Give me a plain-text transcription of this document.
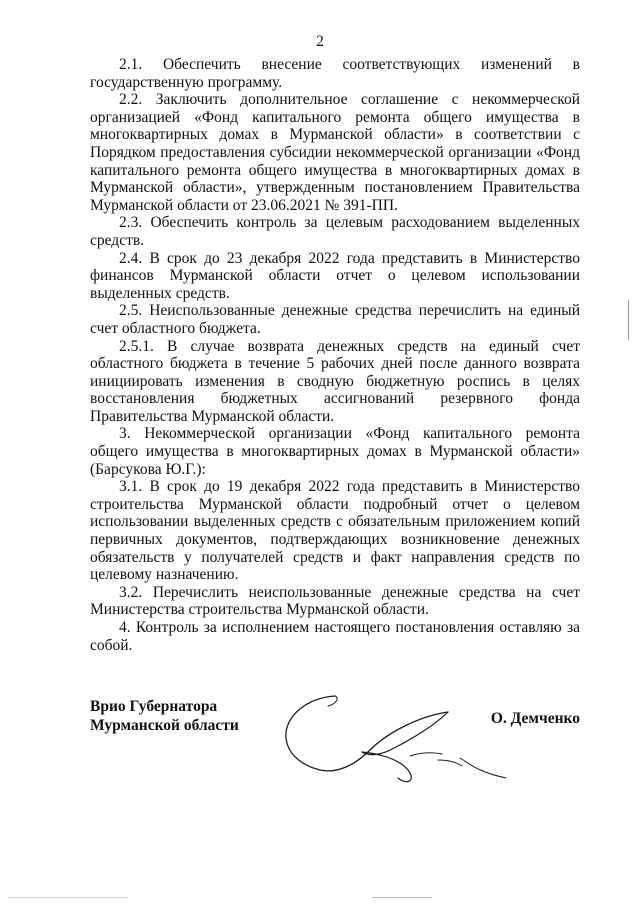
2

2.1. Обеспечить внесение соответствующих изменений в государственную программу.

2.2. Заключить дополнительное соглашение с некоммерческой организацией «Фонд капитального ремонта общего имущества в многоквартирных домах в Мурманской области» в соответствии с Порядком предоставления субсидии некоммерческой организации «Фонд капитального ремонта общего имущества в многоквартирных домах в Мурманской области», утвержденным постановлением Правительства Мурманской области от 23.06.2021 № 391-ПП.

2.3. Обеспечить контроль за целевым расходованием выделенных средств.

2.4. В срок до 23 декабря 2022 года представить в Министерство финансов Мурманской области отчет о целевом использовании выделенных средств.

2.5. Неиспользованные денежные средства перечислить на единый счет областного бюджета.

2.5.1. В случае возврата денежных средств на единый счет областного бюджета в течение 5 рабочих дней после данного возврата инициировать изменения в сводную бюджетную роспись в целях восстановления бюджетных ассигнований резервного фонда Правительства Мурманской области.

3. Некоммерческой организации «Фонд капитального ремонта общего имущества в многоквартирных домах в Мурманской области» (Барсукова Ю.Г.):

3.1. В срок до 19 декабря 2022 года представить в Министерство строительства Мурманской области подробный отчет о целевом использовании выделенных средств с обязательным приложением копий первичных документов, подтверждающих возникновение денежных обязательств у получателей средств и факт направления средств по целевому назначению.

3.2. Перечислить неиспользованные денежные средства на счет Министерства строительства Мурманской области.

4. Контроль за исполнением настоящего постановления оставляю за собой.

Врио Губернатора
Мурманской области	О. Демченко
